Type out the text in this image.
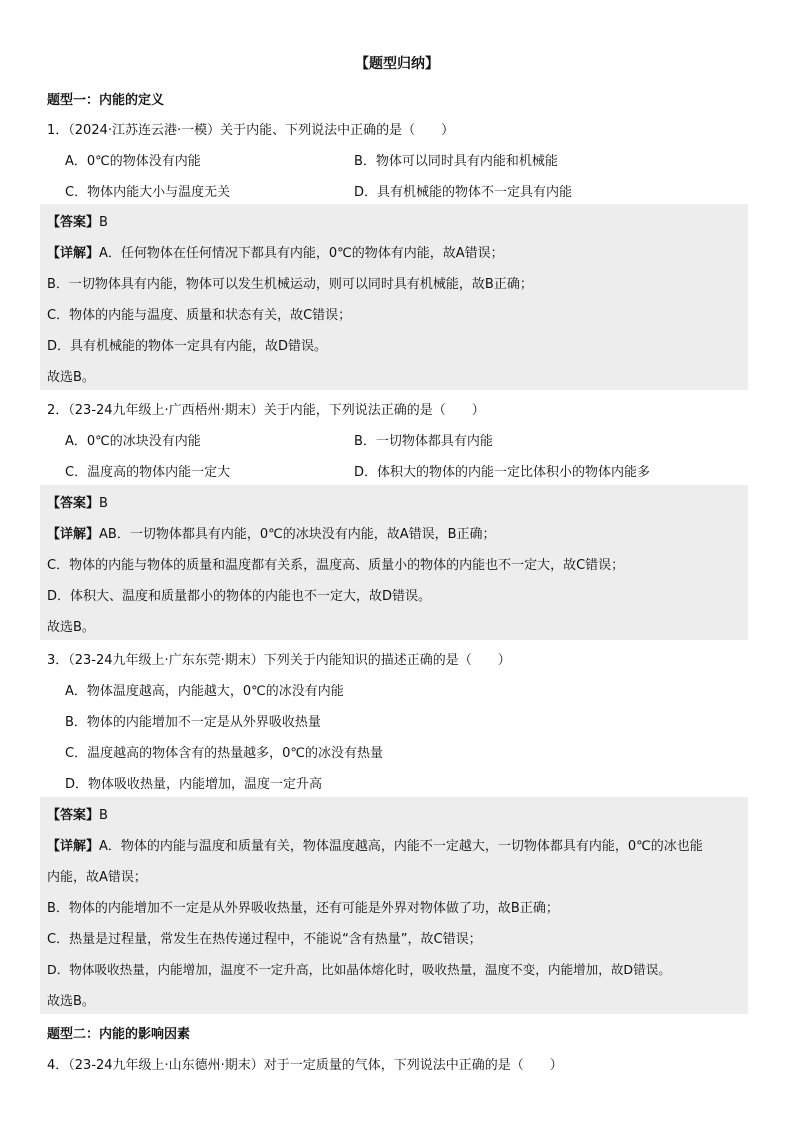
【题型归纳】
题型一：内能的定义
1．（2024·江苏连云港·一模）关于内能、下列说法中正确的是（　　）
A．0℃的物体没有内能	B．物体可以同时具有内能和机械能
C．物体内能大小与温度无关	D．具有机械能的物体不一定具有内能
【答案】B
【详解】A．任何物体在任何情况下都具有内能，0℃的物体有内能，故A错误；
B．一切物体具有内能，物体可以发生机械运动，则可以同时具有机械能，故B正确；
C．物体的内能与温度、质量和状态有关，故C错误；
D．具有机械能的物体一定具有内能，故D错误。
故选B。
2．（23-24九年级上·广西梧州·期末）关于内能，下列说法正确的是（　　）
A．0℃的冰块没有内能	B．一切物体都具有内能
C．温度高的物体内能一定大	D．体积大的物体的内能一定比体积小的物体内能多
【答案】B
【详解】AB．一切物体都具有内能，0℃的冰块没有内能，故A错误，B正确；
C．物体的内能与物体的质量和温度都有关系，温度高、质量小的物体的内能也不一定大，故C错误；
D．体积大、温度和质量都小的物体的内能也不一定大，故D错误。
故选B。
3．（23-24九年级上·广东东莞·期末）下列关于内能知识的描述正确的是（　　）
A．物体温度越高，内能越大，0℃的冰没有内能
B．物体的内能增加不一定是从外界吸收热量
C．温度越高的物体含有的热量越多，0℃的冰没有热量
D．物体吸收热量，内能增加，温度一定升高
【答案】B
【详解】A．物体的内能与温度和质量有关，物体温度越高，内能不一定越大，一切物体都具有内能，0℃的冰也能
内能，故A错误；
B．物体的内能增加不一定是从外界吸收热量，还有可能是外界对物体做了功，故B正确；
C．热量是过程量，常发生在热传递过程中，不能说“含有热量”，故C错误；
D．物体吸收热量，内能增加，温度不一定升高，比如晶体熔化时，吸收热量，温度不变，内能增加，故D错误。
故选B。
题型二：内能的影响因素
4．（23-24九年级上·山东德州·期末）对于一定质量的气体，下列说法中正确的是（　　）
